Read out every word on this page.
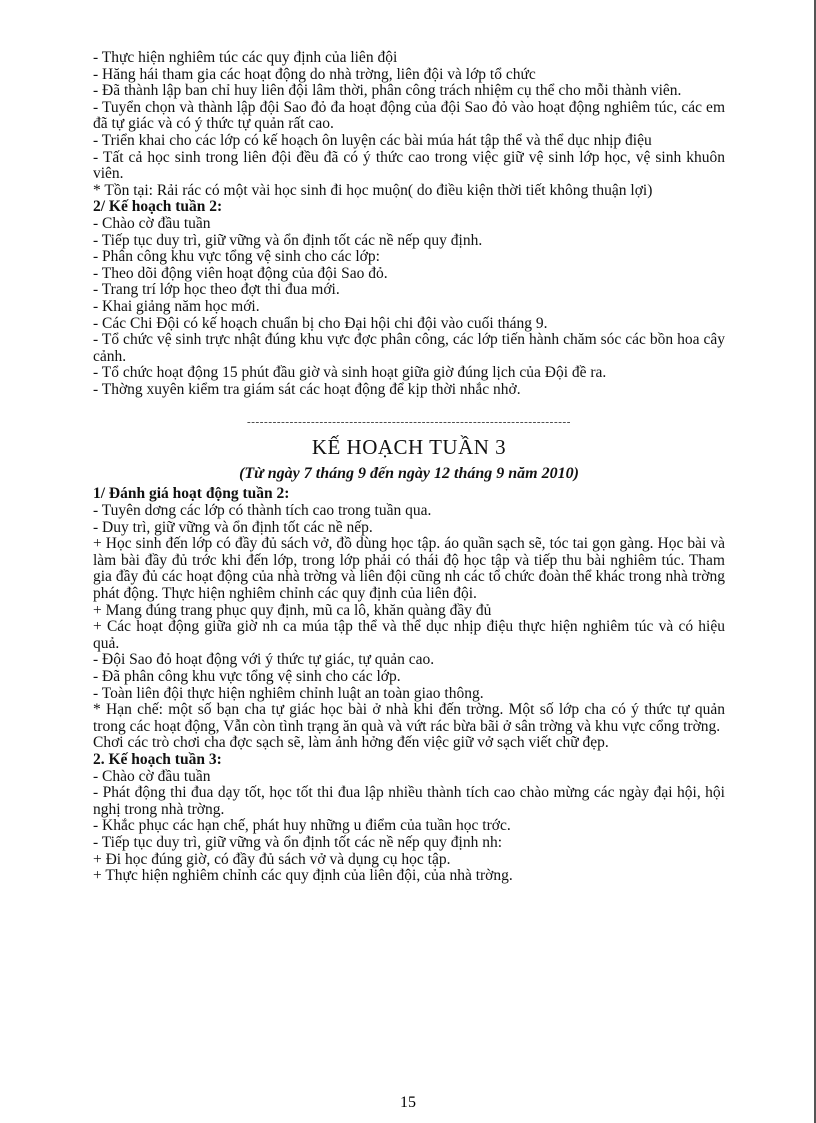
- Thực hiện nghiêm túc các quy định của liên đội

- Hăng hái tham gia các hoạt động do nhà trờng, liên đội và lớp tổ chức

- Đã thành lập ban chỉ huy liên đội lâm thời, phân công trách nhiệm cụ thể cho mỗi thành viên.

- Tuyển chọn và thành lập đội Sao đỏ đa hoạt động của đội Sao đỏ vào hoạt động nghiêm túc, các em đã tự giác và có ý thức tự quản rất cao.

- Triển khai cho các lớp có kế hoạch ôn luyện các bài múa hát tập thể và thể dục nhịp điệu

- Tất cả học sinh trong liên đội đều đã có ý thức cao trong việc giữ vệ sinh lớp học, vệ sinh khuôn viên.

* Tồn tại: Rải rác có một vài học sinh đi học muộn( do điều kiện thời tiết không thuận lợi)

2/ Kế hoạch tuần 2:

- Chào cờ đầu tuần

- Tiếp tục duy trì, giữ vững và ổn định tốt các nề nếp quy định.

- Phân công khu vực tổng vệ sinh cho các lớp:

- Theo dõi động viên hoạt động của đội Sao đỏ.

- Trang trí lớp học theo đợt thi đua mới.

- Khai giảng năm học mới.

- Các Chi Đội có kế hoạch chuẩn bị cho Đại hội chi đội vào cuối tháng 9.

- Tổ chức vệ sinh trực nhật đúng khu vực đợc phân công, các lớp tiến hành chăm sóc các bồn hoa cây cảnh.

- Tổ chức hoạt động 15 phút đầu giờ và sinh hoạt giữa giờ đúng lịch của Đội đề ra.

- Thờng xuyên kiểm tra giám sát các hoạt động để kịp thời nhắc nhở.

----------------------------------------------------------------------------
KẾ HOẠCH TUẦN 3
(Từ ngày 7 tháng 9 đến ngày 12 tháng 9 năm 2010)

1/ Đánh giá hoạt động tuần 2:

- Tuyên dơng các lớp có thành tích cao trong tuần qua.

- Duy trì, giữ vững và ổn định tốt các nề nếp.

+ Học sinh đến lớp có đầy đủ sách vở, đồ dùng học tập. áo quần sạch sẽ, tóc tai gọn gàng. Học bài và làm bài đầy đủ trớc khi đến lớp, trong lớp phải có thái độ học tập và tiếp thu bài nghiêm túc. Tham gia đầy đủ các hoạt động của nhà trờng và liên đội cũng nh các tổ chức đoàn thể khác trong nhà trờng phát động. Thực hiện nghiêm chỉnh các quy định của liên đội.

+ Mang đúng trang phục quy định, mũ ca lô, khăn quàng đầy đủ

+ Các hoạt động giữa giờ nh ca múa tập thể và thể dục nhịp điệu thực hiện nghiêm túc và có hiệu quả.

- Đội Sao đỏ hoạt động với ý thức tự giác, tự quản cao.

- Đã phân công khu vực tổng vệ sinh cho các lớp.

- Toàn liên đội thực hiện nghiêm chỉnh luật an toàn giao thông.

* Hạn chế: một số bạn cha tự giác học bài ở nhà khi đến trờng. Một số lớp cha có ý thức tự quản trong các hoạt động, Vẫn còn tình trạng ăn quà và vứt rác bừa bãi ở sân trờng và khu vực cổng trờng.

Chơi các trò chơi cha đợc sạch sẽ, làm ảnh hởng đến việc giữ vở sạch viết chữ đẹp.

2. Kế hoạch tuần 3:

- Chào cờ đầu tuần

- Phát động thi đua dạy tốt, học tốt thi đua lập nhiều thành tích cao chào mừng các ngày đại hội, hội nghị trong nhà trờng.

- Khắc phục các hạn chế, phát huy những u điểm của tuần học trớc.

- Tiếp tục duy trì, giữ vững và ổn định tốt các nề nếp quy định nh:

+ Đi học đúng giờ, có đầy đủ sách vở và dụng cụ học tập.

+ Thực hiện nghiêm chỉnh các quy định của liên đội, của nhà trờng.

15
